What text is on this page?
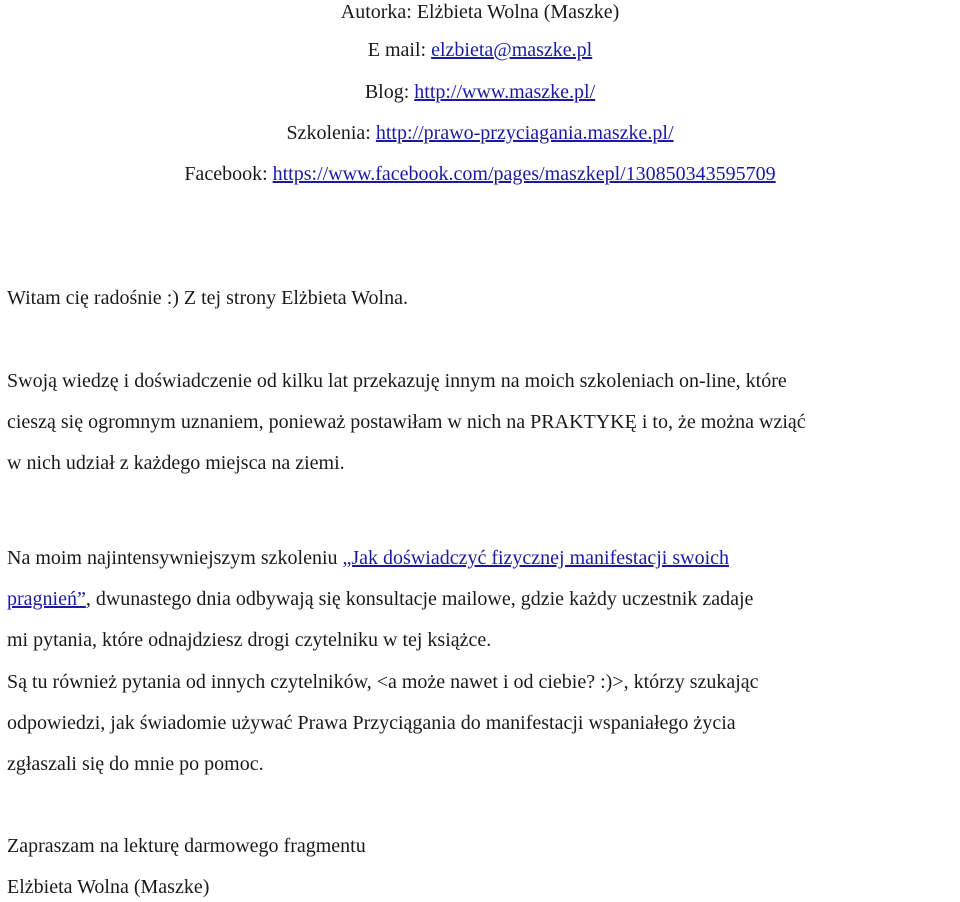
Autorka: Elżbieta Wolna (Maszke)
E mail: elzbieta@maszke.pl
Blog: http://www.maszke.pl/
Szkolenia: http://prawo-przyciagania.maszke.pl/
Facebook: https://www.facebook.com/pages/maszkepl/130850343595709
Witam cię radośnie :) Z tej strony Elżbieta Wolna.
Swoją wiedzę i doświadczenie od kilku lat przekazuję innym na moich szkoleniach on-line, które
cieszą się ogromnym uznaniem, ponieważ postawiłam w nich na PRAKTYKĘ i to, że można wziąć
w nich udział z każdego miejsca na ziemi.
Na moim najintensywniejszym szkoleniu „Jak doświadczyć fizycznej manifestacji swoich
pragnień”, dwunastego dnia odbywają się konsultacje mailowe, gdzie każdy uczestnik zadaje
mi pytania, które odnajdziesz drogi czytelniku w tej książce.
Są tu również pytania od innych czytelników, <a może nawet i od ciebie? :)>, którzy szukając
odpowiedzi, jak świadomie używać Prawa Przyciągania do manifestacji wspaniałego życia
zgłaszali się do mnie po pomoc.
Zapraszam na lekturę darmowego fragmentu
Elżbieta Wolna (Maszke)
